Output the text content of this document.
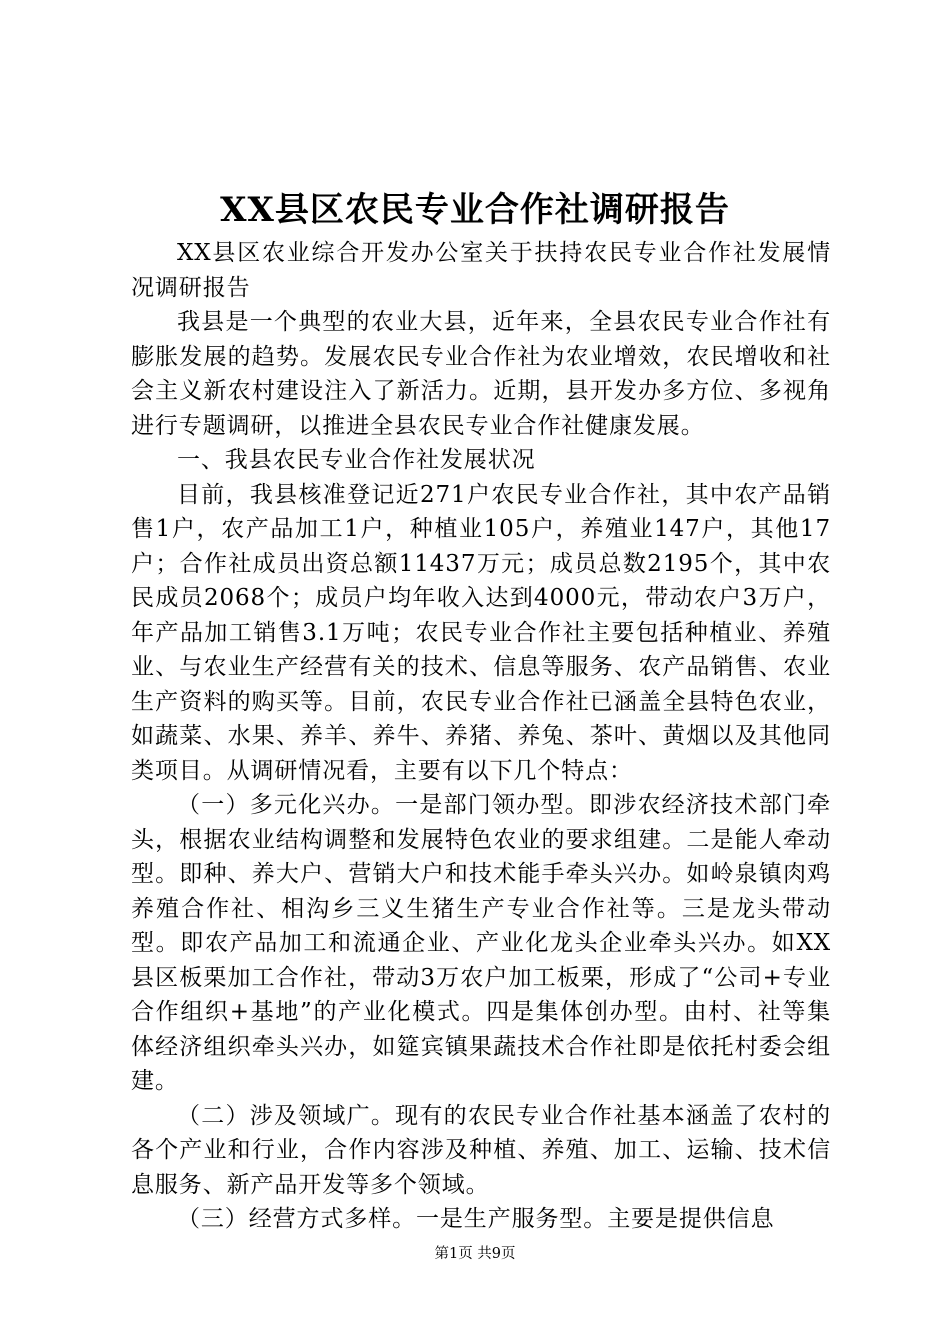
XX县区农民专业合作社调研报告

XX县区农业综合开发办公室关于扶持农民专业合作社发展情况调研报告

我县是一个典型的农业大县，近年来，全县农民专业合作社有膨胀发展的趋势。发展农民专业合作社为农业增效，农民增收和社会主义新农村建设注入了新活力。近期，县开发办多方位、多视角进行专题调研，以推进全县农民专业合作社健康发展。

一、我县农民专业合作社发展状况

目前，我县核准登记近271户农民专业合作社，其中农产品销售1户，农产品加工1户，种植业105户，养殖业147户，其他17户；合作社成员出资总额11437万元；成员总数2195个，其中农民成员2068个；成员户均年收入达到4000元，带动农户3万户，年产品加工销售3.1万吨；农民专业合作社主要包括种植业、养殖业、与农业生产经营有关的技术、信息等服务、农产品销售、农业生产资料的购买等。目前，农民专业合作社已涵盖全县特色农业，如蔬菜、水果、养羊、养牛、养猪、养兔、茶叶、黄烟以及其他同类项目。从调研情况看，主要有以下几个特点：

（一）多元化兴办。一是部门领办型。即涉农经济技术部门牵头，根据农业结构调整和发展特色农业的要求组建。二是能人牵动型。即种、养大户、营销大户和技术能手牵头兴办。如岭泉镇肉鸡养殖合作社、相沟乡三义生猪生产专业合作社等。三是龙头带动型。即农产品加工和流通企业、产业化龙头企业牵头兴办。如XX县区板栗加工合作社，带动3万农户加工板栗，形成了“公司+专业合作组织+基地”的产业化模式。四是集体创办型。由村、社等集体经济组织牵头兴办，如筵宾镇果蔬技术合作社即是依托村委会组建。

（二）涉及领域广。现有的农民专业合作社基本涵盖了农村的各个产业和行业，合作内容涉及种植、养殖、加工、运输、技术信息服务、新产品开发等多个领域。

（三）经营方式多样。一是生产服务型。主要是提供信息

第1页 共9页
